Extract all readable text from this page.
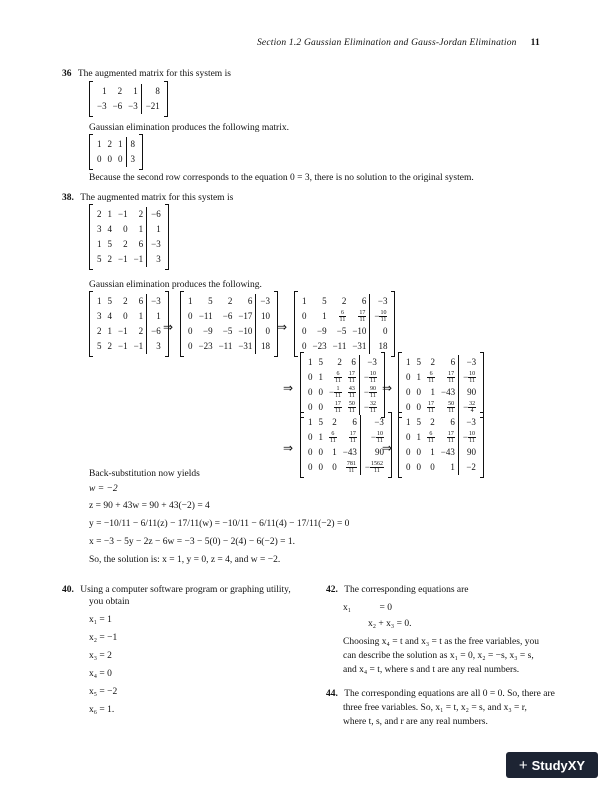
Section 1.2 Gaussian Elimination and Gauss-Jordan Elimination 11
36 The augmented matrix for this system is
1	2	1	8
−3	−6	−3	−21
Gaussian elimination produces the following matrix.
1	2	1	8
0	0	0	3
Because the second row corresponds to the equation 0 = 3, there is no solution to the original system.
38. The augmented matrix for this system is
2	1	−1	2	−6
3	4	0	1	1
1	5	2	6	−3
5	2	−1	−1	3
Gaussian elimination produces the following.
1	5	2	6	−3
3	4	0	1	1
2	1	−1	2	−6
5	2	−1	−1	3
⇒
1	5	2	6	−3
0	−11	−6	−17	10
0	−9	−5	−10	0
0	−23	−11	−31	18
⇒
1	5	2	6	−3
0	1	$\frac{6}{11}$	$\frac{17}{11}$	− $\frac{10}{11}$

0	−9	−5	−10	0
0	−23	−11	−31	18
⇒
1	5	2	6	−3
0	1	$\frac{6}{11}$	$\frac{17}{11}$	− $\frac{10}{11}$

0	0	− $\frac{1}{11}$	$\frac{43}{11}$	− $\frac{90}{11}$

0	0	$\frac{17}{11}$	$\frac{50}{11}$	− $\frac{32}{11}$
⇒
1	5	2	6	−3
0	1	$\frac{6}{11}$	$\frac{17}{11}$	− $\frac{10}{11}$

0	0	1	−43	90
0	0	$\frac{17}{11}$	$\frac{50}{11}$	− $\frac{32}{4}$
⇒
1	5	2	6	−3
0	1	$\frac{6}{11}$	$\frac{17}{11}$	− $\frac{10}{11}$

0	0	1	−43	90
0	0	0	$\frac{781}{11}$	− $\frac{1562}{11}$
⇒
1	5	2	6	−3
0	1	$\frac{6}{11}$	$\frac{17}{11}$	− $\frac{10}{11}$

0	0	1	−43	90
0	0	0	1	−2
Back-substitution now yields
w = −2
z = 90 + 43w = 90 + 43(−2) = 4
y = −10/11 − 6/11(z) − 17/11(w) = −10/11 − 6/11(4) − 17/11(−2) = 0
x = −3 − 5y − 2z − 6w = −3 − 5(0) − 2(4) − 6(−2) = 1.
So, the solution is: x = 1, y = 0, z = 4, and w = −2.
40. Using a computer software program or graphing utility,
you obtain
x₁ = 1
x₂ = −1
x₃ = 2
x₄ = 0
x₅ = −2
x₆ = 1.
42. The corresponding equations are
x₁            = 0
x₂ + x₃ = 0.
Choosing x₄ = t and x₃ = t as the free variables, you
can describe the solution as x₁ = 0, x₂ = −s, x₃ = s,
and x₄ = t, where s and t are any real numbers.
44. The corresponding equations are all 0 = 0. So, there are
three free variables. So, x₁ = t, x₂ = s, and x₃ = r,
where t, s, and r are any real numbers.
+ StudyXY
